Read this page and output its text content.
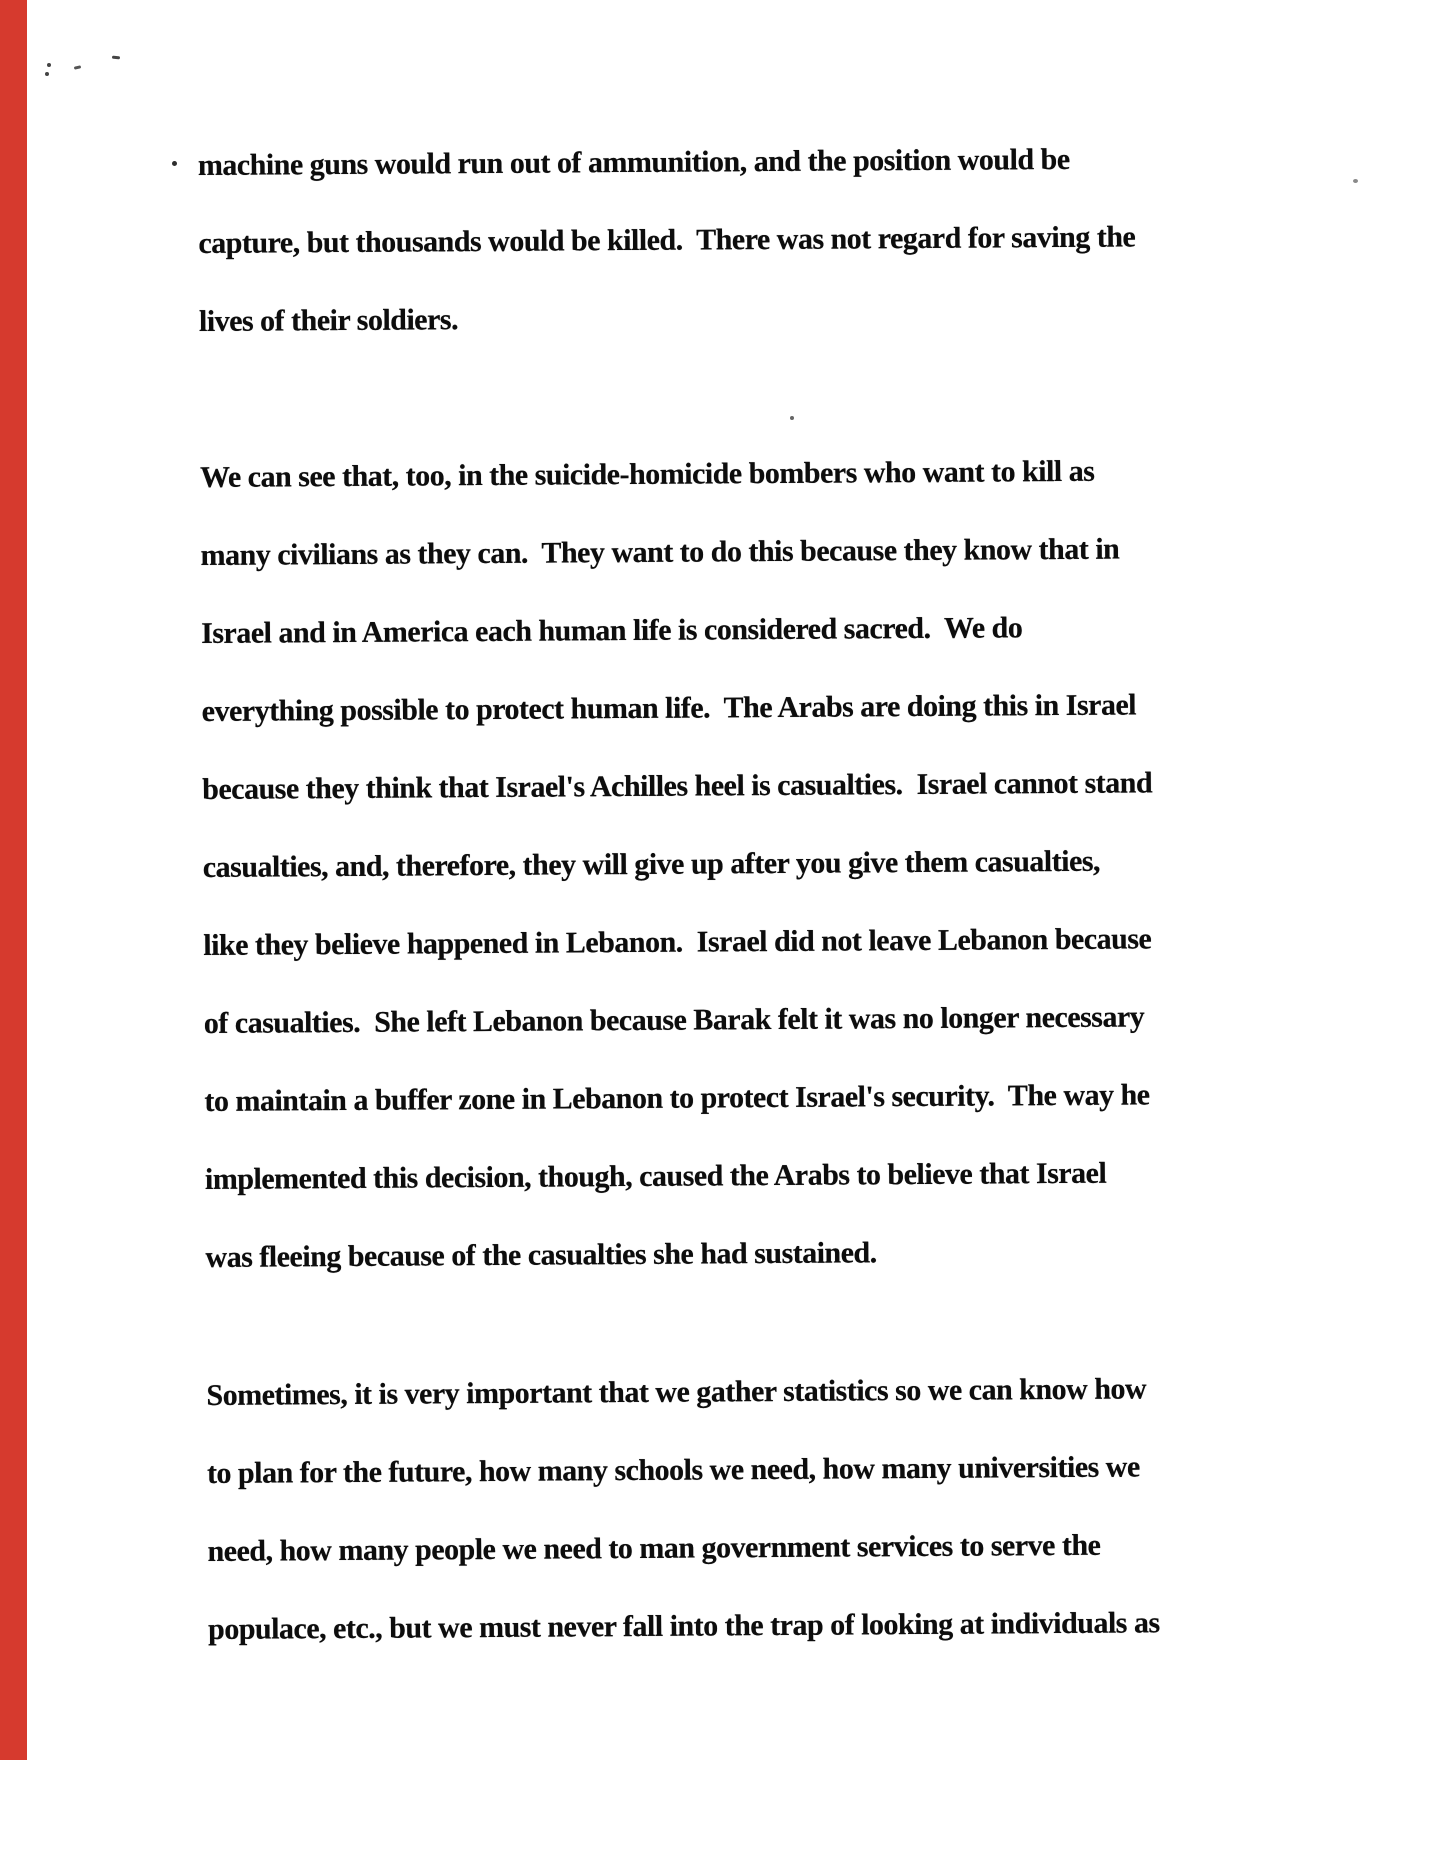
machine guns would run out of ammunition, and the position would be
capture, but thousands would be killed.  There was not regard for saving the
lives of their soldiers.
We can see that, too, in the suicide-homicide bombers who want to kill as
many civilians as they can.  They want to do this because they know that in
Israel and in America each human life is considered sacred.  We do
everything possible to protect human life.  The Arabs are doing this in Israel
because they think that Israel's Achilles heel is casualties.  Israel cannot stand
casualties, and, therefore, they will give up after you give them casualties,
like they believe happened in Lebanon.  Israel did not leave Lebanon because
of casualties.  She left Lebanon because Barak felt it was no longer necessary
to maintain a buffer zone in Lebanon to protect Israel's security.  The way he
implemented this decision, though, caused the Arabs to believe that Israel
was fleeing because of the casualties she had sustained.
Sometimes, it is very important that we gather statistics so we can know how
to plan for the future, how many schools we need, how many universities we
need, how many people we need to man government services to serve the
populace, etc., but we must never fall into the trap of looking at individuals as
